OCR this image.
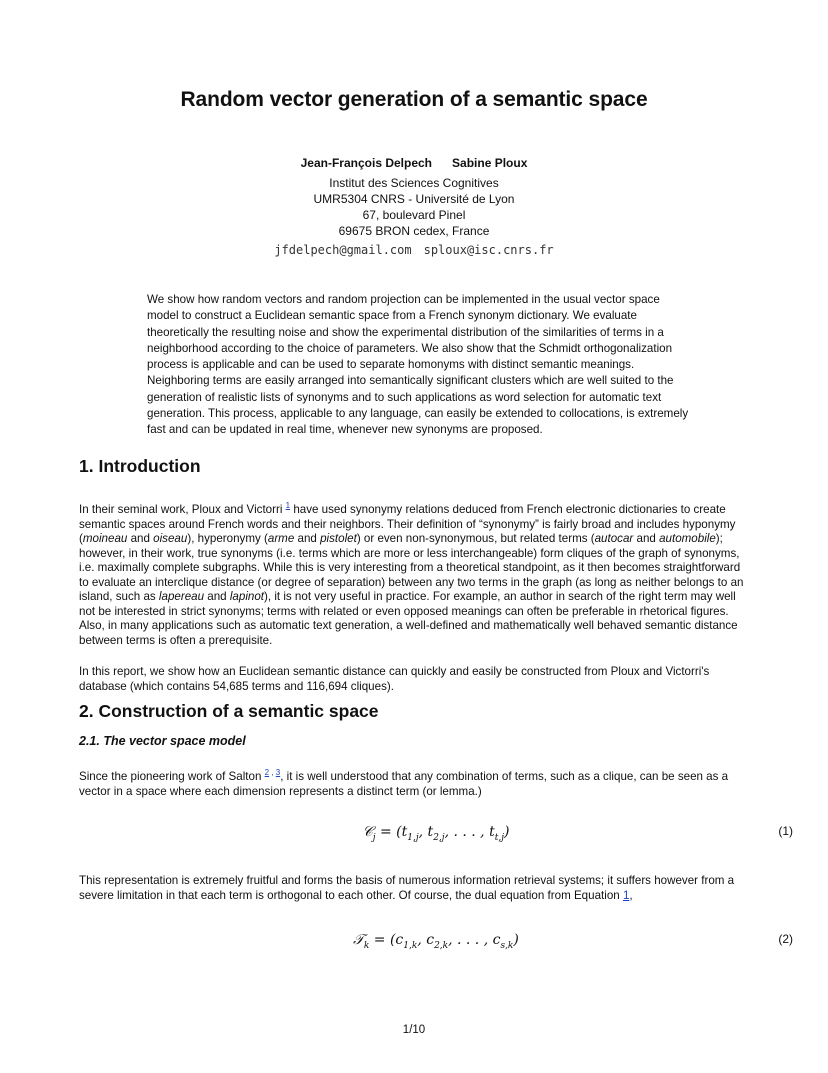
Random vector generation of a semantic space
Jean-François Delpech Sabine Ploux
Institut des Sciences Cognitives
UMR5304 CNRS - Université de Lyon
67, boulevard Pinel
69675 BRON cedex, France
jfdelpech@gmail.com sploux@isc.cnrs.fr
We show how random vectors and random projection can be implemented in the usual vector space
model to construct a Euclidean semantic space from a French synonym dictionary. We evaluate
theoretically the resulting noise and show the experimental distribution of the similarities of terms in a
neighborhood according to the choice of parameters. We also show that the Schmidt orthogonalization
process is applicable and can be used to separate homonyms with distinct semantic meanings.
Neighboring terms are easily arranged into semantically significant clusters which are well suited to the
generation of realistic lists of synonyms and to such applications as word selection for automatic text
generation. This process, applicable to any language, can easily be extended to collocations, is extremely
fast and can be updated in real time, whenever new synonyms are proposed.
1. Introduction
In their seminal work, Ploux and Victorri $^1$ have used synonymy relations deduced from French electronic dictionaries to create
semantic spaces around French words and their neighbors. Their definition of “synonymy” is fairly broad and includes hyponymy
(moineau and oiseau), hyperonymy (arme and pistolet) or even non-synonymous, but related terms (autocar and automobile);
however, in their work, true synonyms (i.e. terms which are more or less interchangeable) form cliques of the graph of synonyms,
i.e. maximally complete subgraphs. While this is very interesting from a theoretical standpoint, as it then becomes straightforward
to evaluate an interclique distance (or degree of separation) between any two terms in the graph (as long as neither belongs to an
island, such as lapereau and lapinot), it is not very useful in practice. For example, an author in search of the right term may well
not be interested in strict synonyms; terms with related or even opposed meanings can often be preferable in rhetorical figures.
Also, in many applications such as automatic text generation, a well-defined and mathematically well behaved semantic distance
between terms is often a prerequisite.
In this report, we show how an Euclidean semantic distance can quickly and easily be constructed from Ploux and Victorri's
database (which contains 54,685 terms and 116,694 cliques).
2. Construction of a semantic space
2.1. The vector space model
Since the pioneering work of Salton $^2$ , $^3$, it is well understood that any combination of terms, such as a clique, can be seen as a
vector in a space where each dimension represents a distinct term (or lemma.)
𝒞$_j$ = ($t_{1,j}$, $t_{2,j}$, . . . , $t_{t,j}$)	(1)
This representation is extremely fruitful and forms the basis of numerous information retrieval systems; it suffers however from a
severe limitation in that each term is orthogonal to each other. Of course, the dual equation from Equation 1,
𝒯$_k$ = ($c_{1,k}$, $c_{2,k}$, . . . , $c_{s,k}$)	(2)
1/10
